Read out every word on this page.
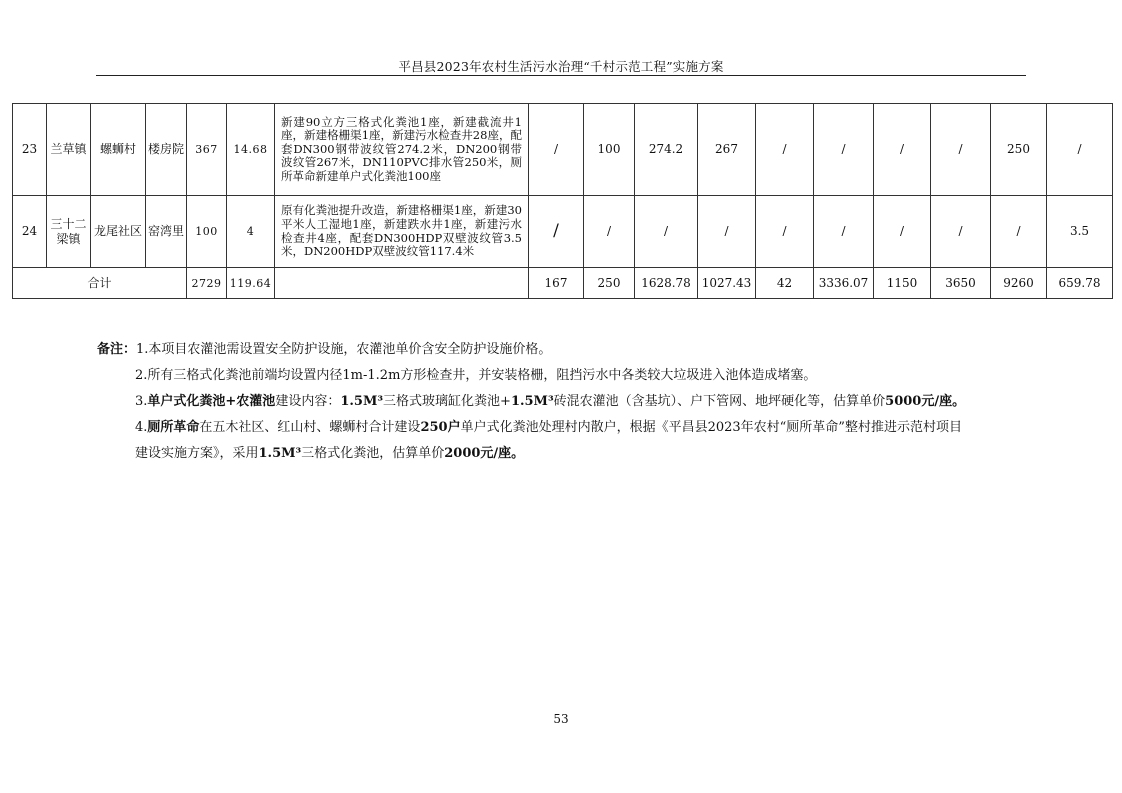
平昌县2023年农村生活污水治理“千村示范工程”实施方案
23	兰草镇	螺蛳村	楼房院	367	14.68	新建90立方三格式化粪池1座，新建截流井1座，新建格栅渠1座，新建污水检查井28座，配套DN300钢带波纹管274.2米，DN200钢带波纹管267米，DN110PVC排水管250米，厕所革命新建单户式化粪池100座	/	100	274.2	267	/	/	/	/	250	/
24	三十二梁镇	龙尾社区	窑湾里	100	4	原有化粪池提升改造，新建格栅渠1座，新建30平米人工湿地1座，新建跌水井1座，新建污水检查井4座，配套DN300HDP双壁波纹管3.5米，DN200HDP双壁波纹管117.4米	/	/	/	/	/	/	/	/	/	3.5
合计				2729	119.64		167	250	1628.78	1027.43	42	3336.07	1150	3650	9260	659.78
备注：1.本项目农灌池需设置安全防护设施，农灌池单价含安全防护设施价格。
2.所有三格式化粪池前端均设置内径1m-1.2m方形检查井，并安装格栅，阻挡污水中各类较大垃圾进入池体造成堵塞。
3.单户式化粪池+农灌池建设内容：1.5M³三格式玻璃缸化粪池+1.5M³砖混农灌池（含基坑）、户下管网、地坪硬化等，估算单价5000元/座。
4.厕所革命在五木社区、红山村、螺蛳村合计建设250户单户式化粪池处理村内散户，根据《平昌县2023年农村“厕所革命”整村推进示范村项目
建设实施方案》，采用1.5M³三格式化粪池，估算单价2000元/座。
53
